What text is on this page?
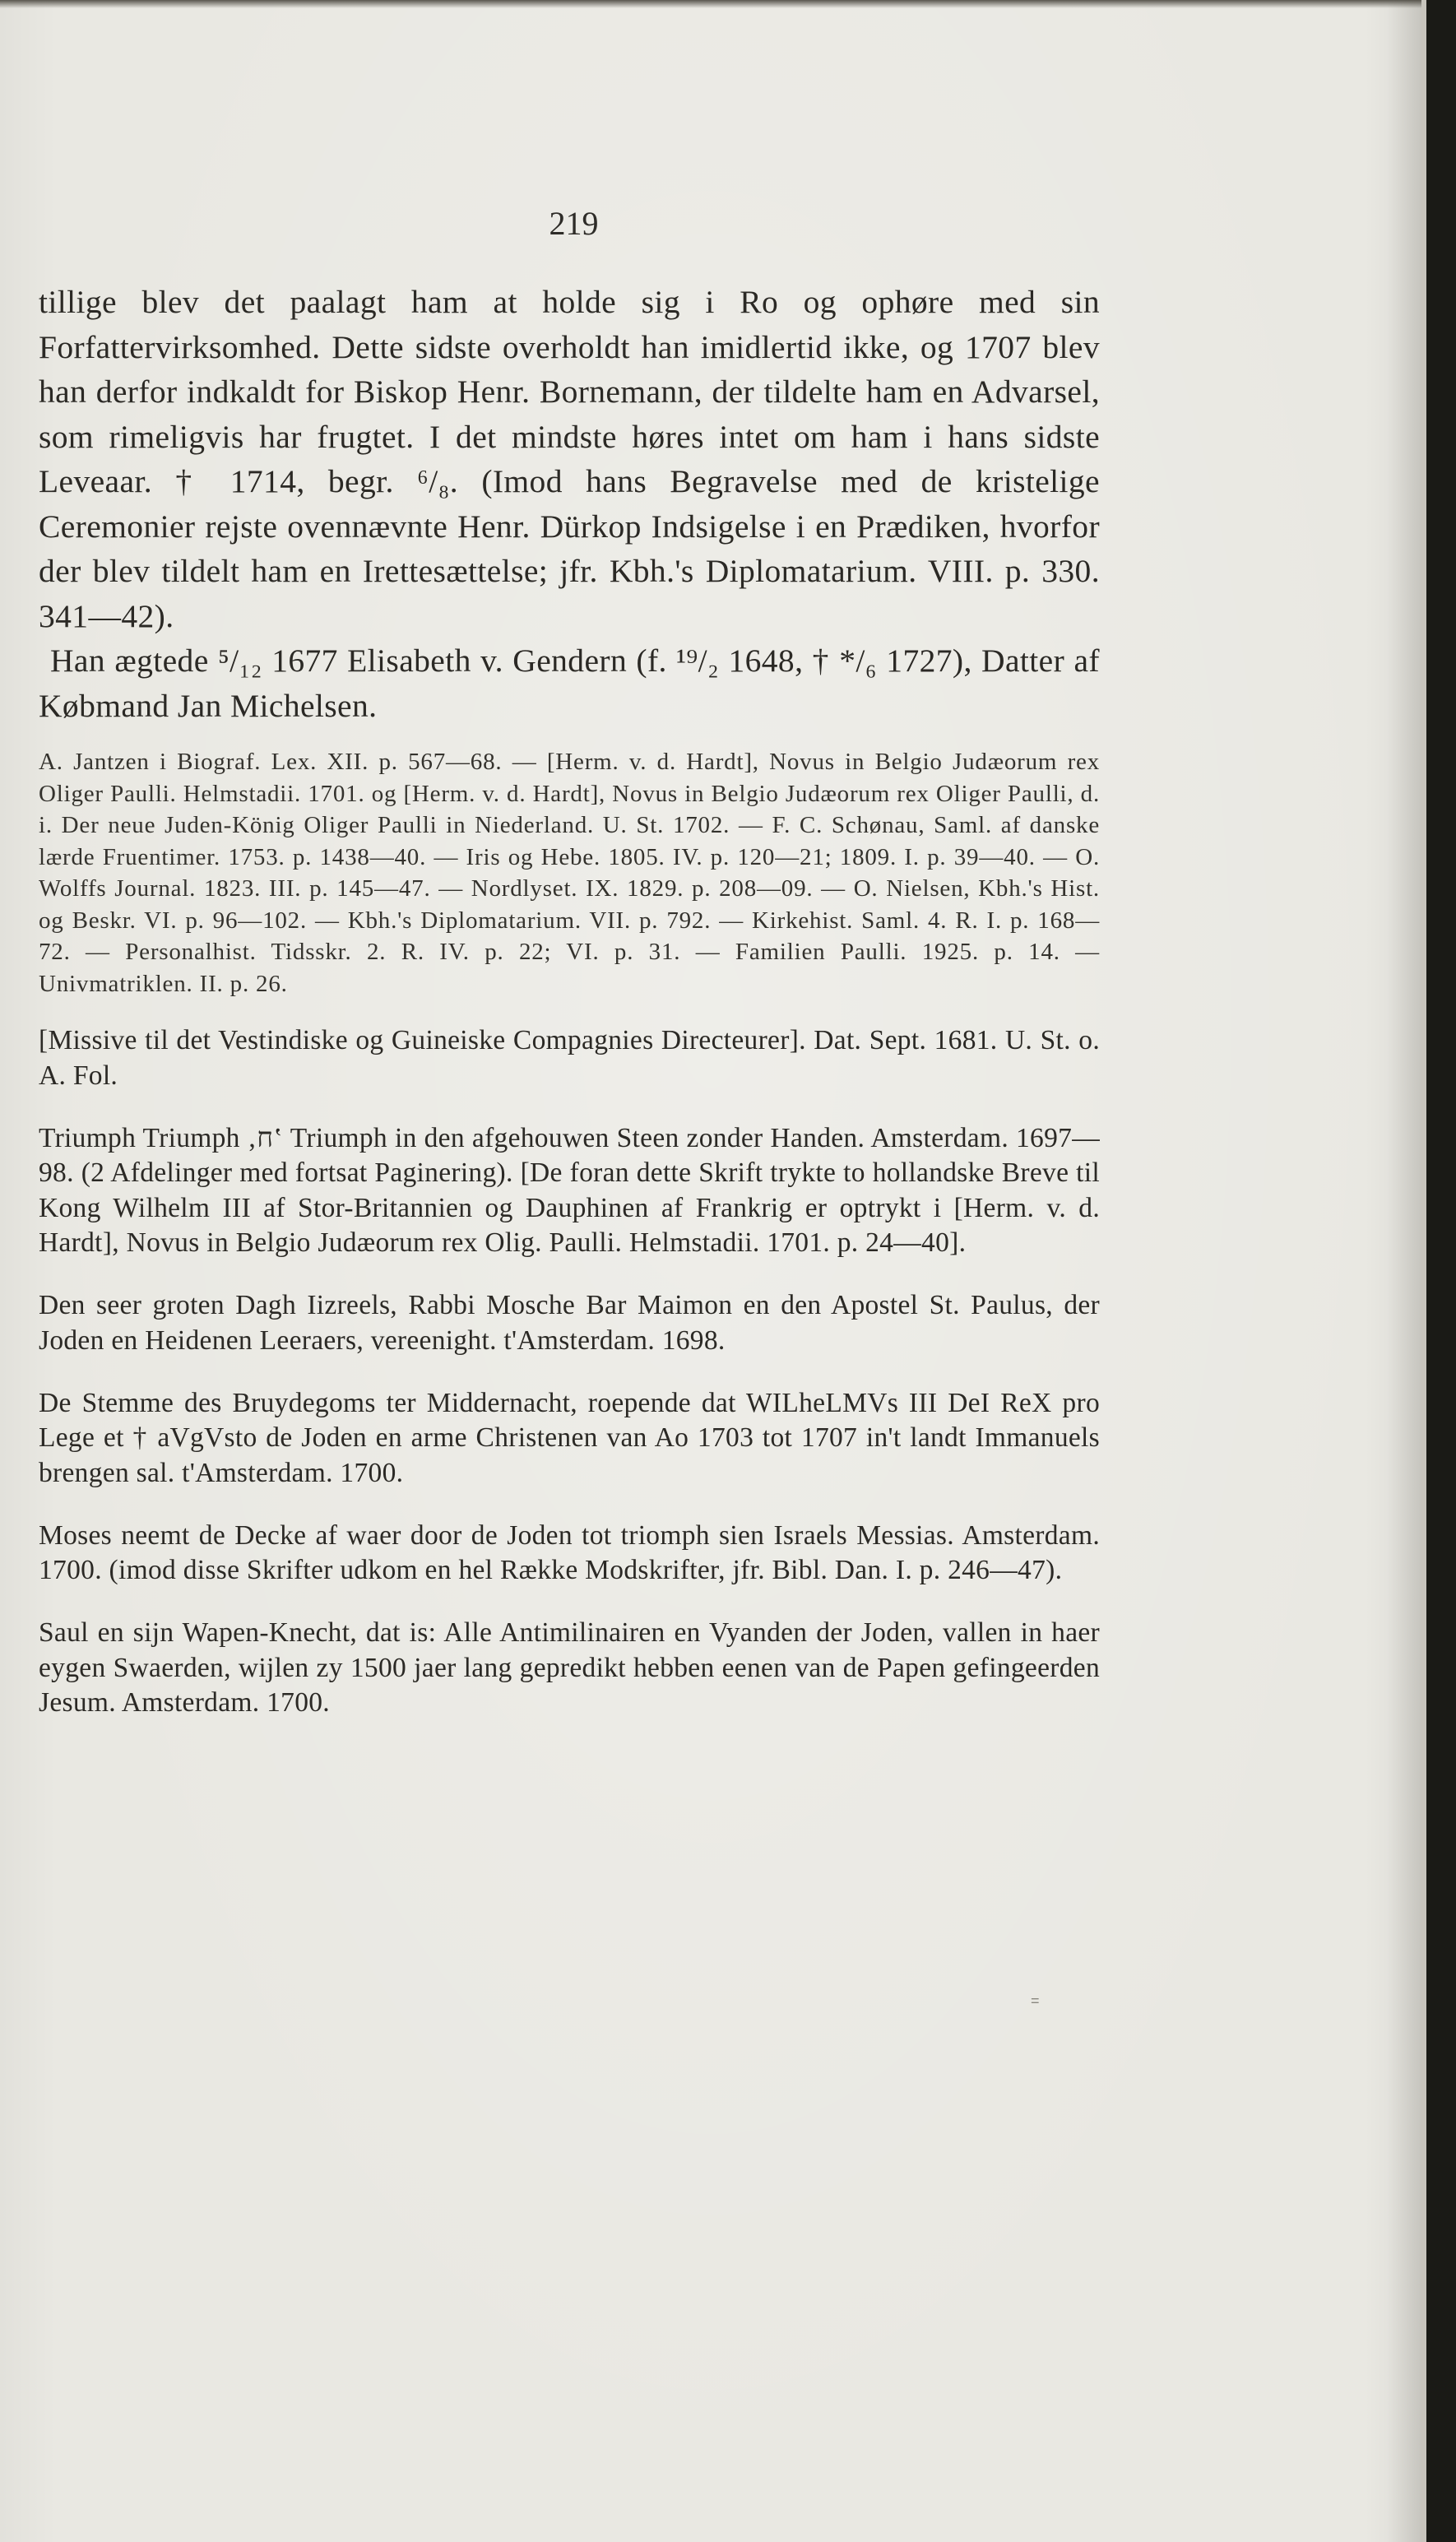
219

tillige blev det paalagt ham at holde sig i Ro og ophøre med sin Forfattervirksomhed. Dette sidste overholdt han imidlertid ikke, og 1707 blev han derfor indkaldt for Biskop Henr. Bornemann, der tildelte ham en Advarsel, som rimeligvis har frugtet. I det mindste høres intet om ham i hans sidste Leveaar. † 1714, begr. ⁶/₈. (Imod hans Begravelse med de kristelige Ceremonier rejste ovennævnte Henr. Dürkop Indsigelse i en Prædiken, hvorfor der blev tildelt ham en Irettesættelse; jfr. Kbh.'s Diplomatarium. VIII. p. 330. 341—42).

Han ægtede ⁵/₁₂ 1677 Elisabeth v. Gendern (f. ¹⁹/₂ 1648, † */₆ 1727), Datter af Købmand Jan Michelsen.

A. Jantzen i Biograf. Lex. XII. p. 567—68. — [Herm. v. d. Hardt], Novus in Belgio Judæorum rex Oliger Paulli. Helmstadii. 1701. og [Herm. v. d. Hardt], Novus in Belgio Judæorum rex Oliger Paulli, d. i. Der neue Juden-König Oliger Paulli in Niederland. U. St. 1702. — F. C. Schønau, Saml. af danske lærde Fruentimer. 1753. p. 1438—40. — Iris og Hebe. 1805. IV. p. 120—21; 1809. I. p. 39—40. — O. Wolffs Journal. 1823. III. p. 145—47. — Nordlyset. IX. 1829. p. 208—09. — O. Nielsen, Kbh.'s Hist. og Beskr. VI. p. 96—102. — Kbh.'s Diplomatarium. VII. p. 792. — Kirkehist. Saml. 4. R. I. p. 168—72. — Personalhist. Tidsskr. 2. R. IV. p. 22; VI. p. 31. — Familien Paulli. 1925. p. 14. — Univmatriklen. II. p. 26.

[Missive til det Vestindiske og Guineiske Compagnies Directeurer]. Dat. Sept. 1681. U. St. o. A. Fol.

Triumph Triumph ‚ח‛ Triumph in den afgehouwen Steen zonder Handen. Amsterdam. 1697—98. (2 Afdelinger med fortsat Paginering). [De foran dette Skrift trykte to hollandske Breve til Kong Wilhelm III af Stor-Britannien og Dauphinen af Frankrig er optrykt i [Herm. v. d. Hardt], Novus in Belgio Judæorum rex Olig. Paulli. Helmstadii. 1701. p. 24—40].

Den seer groten Dagh Iizreels, Rabbi Mosche Bar Maimon en den Apostel St. Paulus, der Joden en Heidenen Leeraers, vereenight. t'Amsterdam. 1698.

De Stemme des Bruydegoms ter Middernacht, roepende dat WILheLMVs III DeI ReX pro Lege et † aVgVsto de Joden en arme Christenen van Ao 1703 tot 1707 in't landt Immanuels brengen sal. t'Amsterdam. 1700.

Moses neemt de Decke af waer door de Joden tot triomph sien Israels Messias. Amsterdam. 1700. (imod disse Skrifter udkom en hel Række Modskrifter, jfr. Bibl. Dan. I. p. 246—47).

Saul en sijn Wapen-Knecht, dat is: Alle Antimilinairen en Vyanden der Joden, vallen in haer eygen Swaerden, wijlen zy 1500 jaer lang gepredikt hebben eenen van de Papen gefingeerden Jesum. Amsterdam. 1700.

=
